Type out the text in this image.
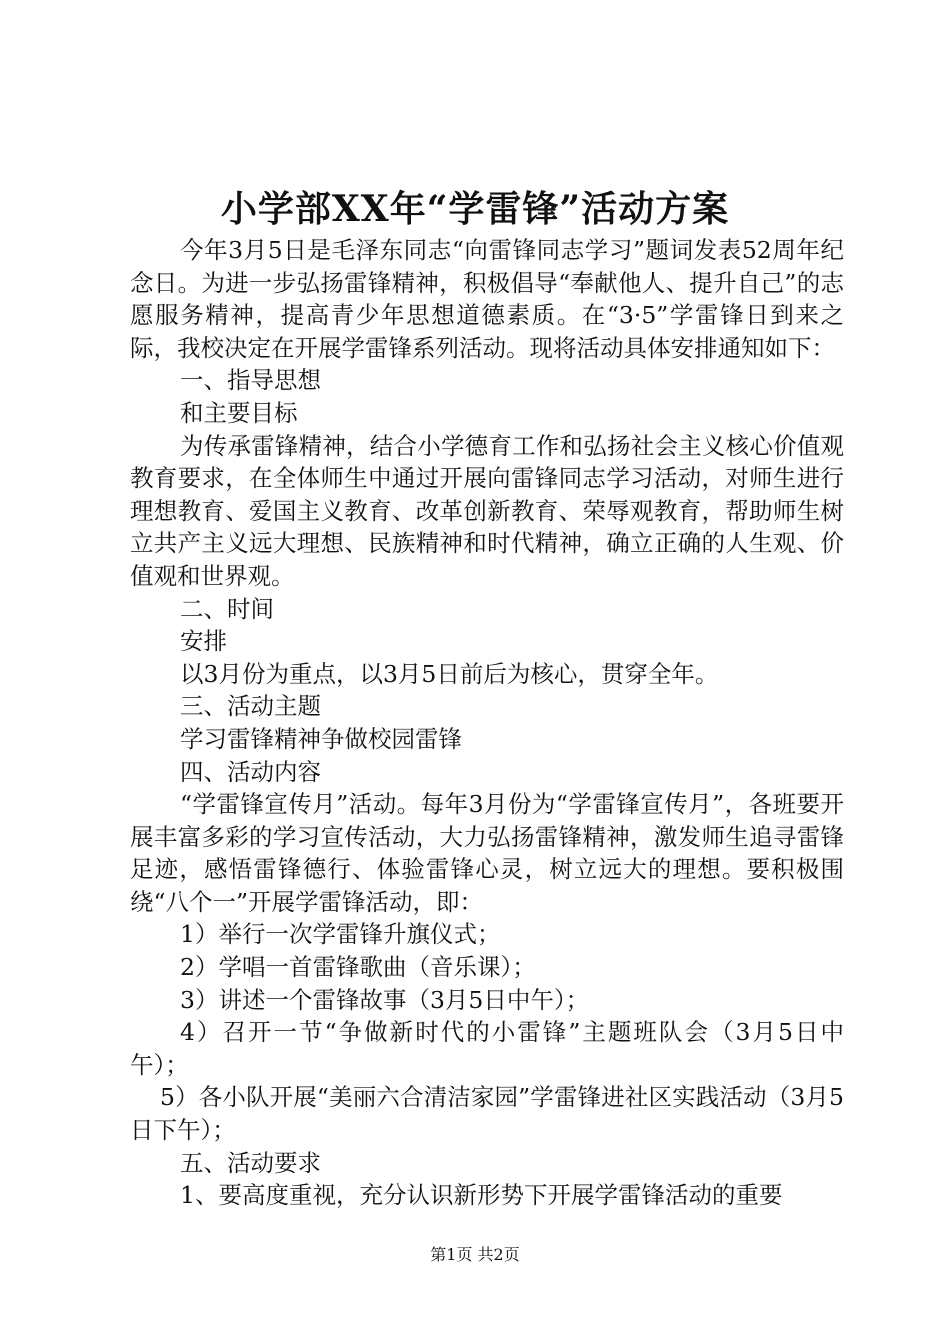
小学部XX年“学雷锋”活动方案

今年3月5日是毛泽东同志“向雷锋同志学习”题词发表52周年纪念日。为进一步弘扬雷锋精神，积极倡导“奉献他人、提升自己”的志愿服务精神，提高青少年思想道德素质。在“3·5”学雷锋日到来之际，我校决定在开展学雷锋系列活动。现将活动具体安排通知如下：

一、指导思想

和主要目标

为传承雷锋精神，结合小学德育工作和弘扬社会主义核心价值观教育要求，在全体师生中通过开展向雷锋同志学习活动，对师生进行理想教育、爱国主义教育、改革创新教育、荣辱观教育，帮助师生树立共产主义远大理想、民族精神和时代精神，确立正确的人生观、价值观和世界观。

二、时间

安排

以3月份为重点，以3月5日前后为核心，贯穿全年。

三、活动主题

学习雷锋精神争做校园雷锋

四、活动内容

“学雷锋宣传月”活动。每年3月份为“学雷锋宣传月”，各班要开展丰富多彩的学习宣传活动，大力弘扬雷锋精神，激发师生追寻雷锋足迹，感悟雷锋德行、体验雷锋心灵，树立远大的理想。要积极围绕“八个一”开展学雷锋活动，即：

1）举行一次学雷锋升旗仪式；

2）学唱一首雷锋歌曲（音乐课）；

3）讲述一个雷锋故事（3月5日中午）；

4）召开一节“争做新时代的小雷锋”主题班队会（3月5日中午）；

5）各小队开展“美丽六合清洁家园”学雷锋进社区实践活动（3月5日下午）；

五、活动要求

1、要高度重视，充分认识新形势下开展学雷锋活动的重要

第1页 共2页
